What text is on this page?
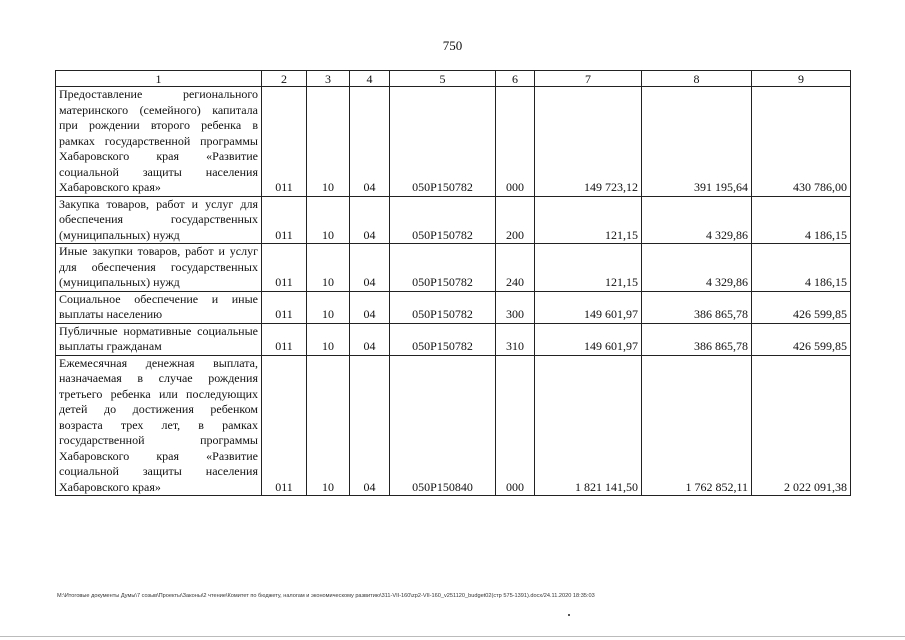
750
1	2	3	4	5	6	7	8	9
Предоставление регионального материнского (семейного) капитала при рождении второго ребенка в рамках государственной программы Хабаровского края «Развитие социальной защиты населения Хабаровского края»	011	10	04	050P150782	000	149 723,12	391 195,64	430 786,00
Закупка товаров, работ и услуг для обеспечения государственных (муниципальных) нужд	011	10	04	050P150782	200	121,15	4 329,86	4 186,15
Иные закупки товаров, работ и услуг для обеспечения государственных (муниципальных) нужд	011	10	04	050P150782	240	121,15	4 329,86	4 186,15
Социальное обеспечение и иные выплаты населению	011	10	04	050P150782	300	149 601,97	386 865,78	426 599,85
Публичные нормативные социальные выплаты гражданам	011	10	04	050P150782	310	149 601,97	386 865,78	426 599,85
Ежемесячная денежная выплата, назначаемая в случае рождения третьего ребенка или последующих детей до достижения ребенком возраста трех лет, в рамках государственной программы Хабаровского края «Развитие социальной защиты населения Хабаровского края»	011	10	04	050P150840	000	1 821 141,50	1 762 852,11	2 022 091,38
M:\Итоговые документы Думы\7 созыв\Проекты\Законы\2 чтение\Комитет по бюджету, налогам и экономическому развитию\311-VII-160\zp2-VII-160_v251120_budget02(стр 575-1391).docx/24.11.2020 18:35:03
